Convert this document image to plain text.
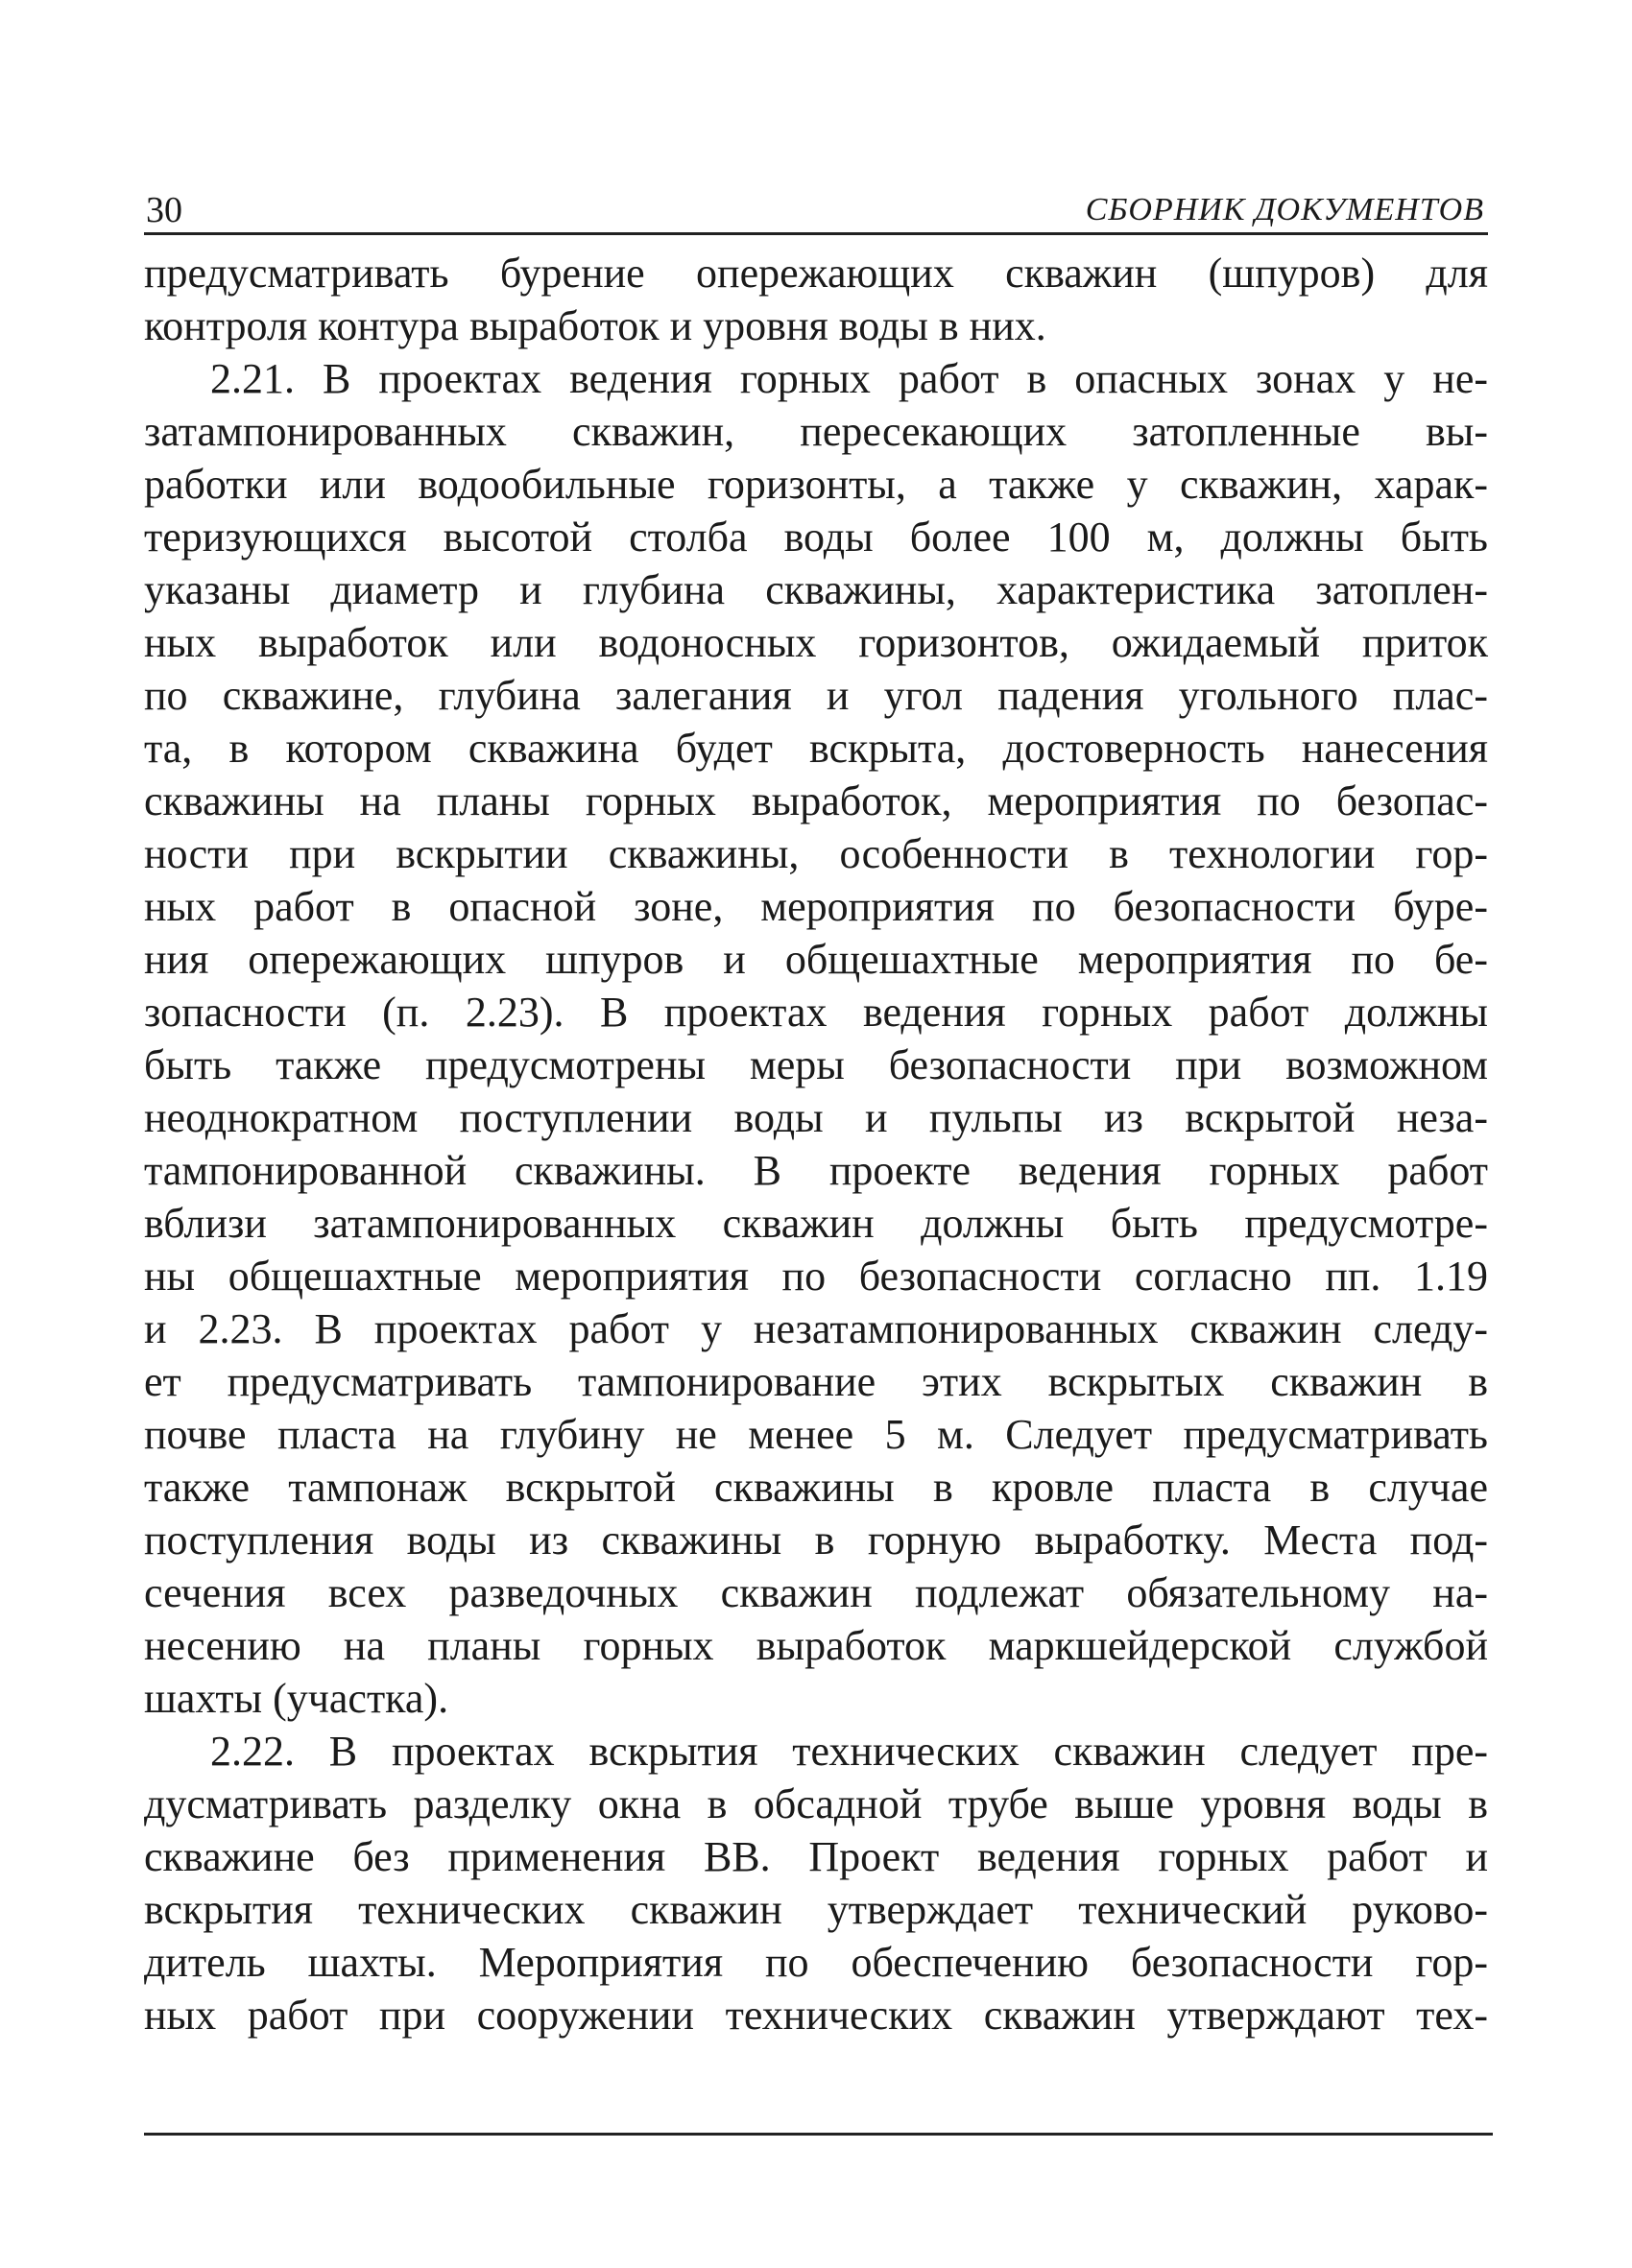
30	СБОРНИК ДОКУМЕНТОВ
предусматривать бурение опережающих скважин (шпуров) для
контроля контура выработок и уровня воды в них.
2.21. В проектах ведения горных работ в опасных зонах у не-
затампонированных скважин, пересекающих затопленные вы-
работки или водообильные горизонты, а также у скважин, харак-
теризующихся высотой столба воды более 100 м, должны быть
указаны диаметр и глубина скважины, характеристика затоплен-
ных выработок или водоносных горизонтов, ожидаемый приток
по скважине, глубина залегания и угол падения угольного плас-
та, в котором скважина будет вскрыта, достоверность нанесения
скважины на планы горных выработок, мероприятия по безопас-
ности при вскрытии скважины, особенности в технологии гор-
ных работ в опасной зоне, мероприятия по безопасности буре-
ния опережающих шпуров и общешахтные мероприятия по бе-
зопасности (п. 2.23). В проектах ведения горных работ должны
быть также предусмотрены меры безопасности при возможном
неоднократном поступлении воды и пульпы из вскрытой неза-
тампонированной скважины. В проекте ведения горных работ
вблизи затампонированных скважин должны быть предусмотре-
ны общешахтные мероприятия по безопасности согласно пп. 1.19
и 2.23. В проектах работ у незатампонированных скважин следу-
ет предусматривать тампонирование этих вскрытых скважин в
почве пласта на глубину не менее 5 м. Следует предусматривать
также тампонаж вскрытой скважины в кровле пласта в случае
поступления воды из скважины в горную выработку. Места под-
сечения всех разведочных скважин подлежат обязательному на-
несению на планы горных выработок маркшейдерской службой
шахты (участка).
2.22. В проектах вскрытия технических скважин следует пре-
дусматривать разделку окна в обсадной трубе выше уровня воды в
скважине без применения ВВ. Проект ведения горных работ и
вскрытия технических скважин утверждает технический руково-
дитель шахты. Мероприятия по обеспечению безопасности гор-
ных работ при сооружении технических скважин утверждают тех-
